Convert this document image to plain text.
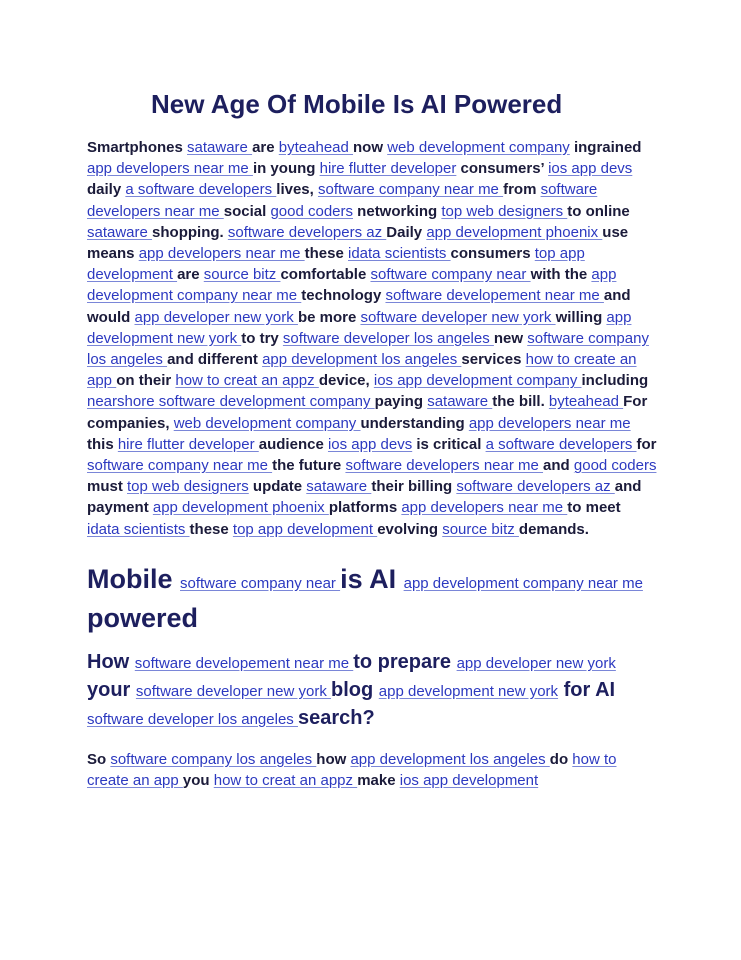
New Age Of Mobile Is AI Powered

Smartphones sataware are byteahead now web development company ingrained app developers near me in young hire flutter developer consumers’ ios app devs daily a software developers lives, software company near me from software developers near me social good coders networking top web designers to online sataware shopping. software developers az Daily app development phoenix use means app developers near me these idata scientists consumers top app development are source bitz comfortable software company near with the app development company near me technology software developement near me and would app developer new york be more software developer new york willing app development new york to try software developer los angeles new software company los angeles and different app development los angeles services how to create an app on their how to creat an appz device, ios app development company including nearshore software development company paying sataware the bill. byteahead For companies, web development company understanding app developers near me this hire flutter developer audience ios app devs is critical a software developers for software company near me the future software developers near me and good coders must top web designers update sataware their billing software developers az and payment app development phoenix platforms app developers near me to meet idata scientists these top app development evolving source bitz demands.

Mobile software company near is AI app development company near me powered
How software developement near me to prepare app developer new york your software developer new york blog app development new york for AI software developer los angeles search?

So software company los angeles how app development los angeles do how to create an app you how to creat an appz make ios app development
